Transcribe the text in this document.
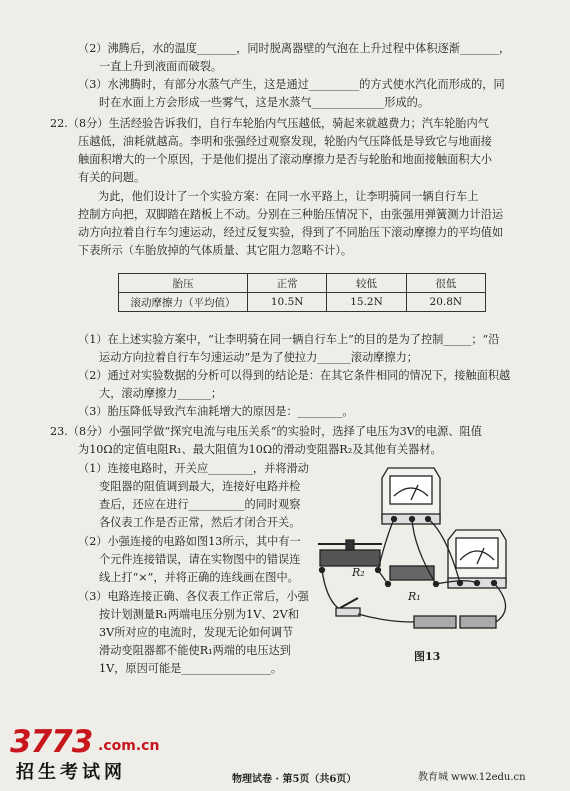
（2）沸腾后，水的温度_______，同时脱离器壁的气泡在上升过程中体积逐渐_______，
一直上升到液面而破裂。
（3）水沸腾时，有部分水蒸气产生，这是通过_________的方式使水汽化而形成的，同
时在水面上方会形成一些雾气，这是水蒸气_____________形成的。
22.（8分）生活经验告诉我们，自行车轮胎内气压越低，骑起来就越费力；汽车轮胎内气
压越低，油耗就越高。李明和张强经过观察发现，轮胎内气压降低是导致它与地面接
触面积增大的一个原因，于是他们提出了滚动摩擦力是否与轮胎和地面接触面积大小
有关的问题。
为此，他们设计了一个实验方案：在同一水平路上，让李明骑同一辆自行车上
控制方向把，双脚踏在踏板上不动。分别在三种胎压情况下，由张强用弹簧测力计沿运
动方向拉着自行车匀速运动，经过反复实验，得到了不同胎压下滚动摩擦力的平均值如
下表所示（车胎放掉的气体质量、其它阻力忽略不计）。
胎压	正常	较低	很低
滚动摩擦力（平均值）	10.5N	15.2N	20.8N
（1）在上述实验方案中，“让李明骑在同一辆自行车上”的目的是为了控制_____；“沿
运动方向拉着自行车匀速运动”是为了使拉力______滚动摩擦力；
（2）通过对实验数据的分析可以得到的结论是：在其它条件相同的情况下，接触面积越
大，滚动摩擦力______；
（3）胎压降低导致汽车油耗增大的原因是：________。
23.（8分）小强同学做“探究电流与电压关系”的实验时，选择了电压为3V的电源、阻值
为10Ω的定值电阻R₁、最大阻值为10Ω的滑动变阻器R₂及其他有关器材。
（1）连接电路时，开关应________，并将滑动
变阻器的阻值调到最大，连接好电路并检
查后，还应在进行__________的同时观察
各仪表工作是否正常，然后才闭合开关。
（2）小强连接的电路如图13所示，其中有一
个元件连接错误，请在实物图中的错误连
线上打“×”，并将正确的连线画在图中。
（3）电路连接正确、各仪表工作正常后，小强
按计划测量R₁两端电压分别为1V、2V和
3V所对应的电流时，发现无论如何调节
滑动变阻器都不能使R₁两端的电压达到
1V，原因可能是________________。
R₂
R₁
图13
3773 .com.cn
招生考试网	物理试卷 · 第5页（共6页）	教育城 www.12edu.cn
